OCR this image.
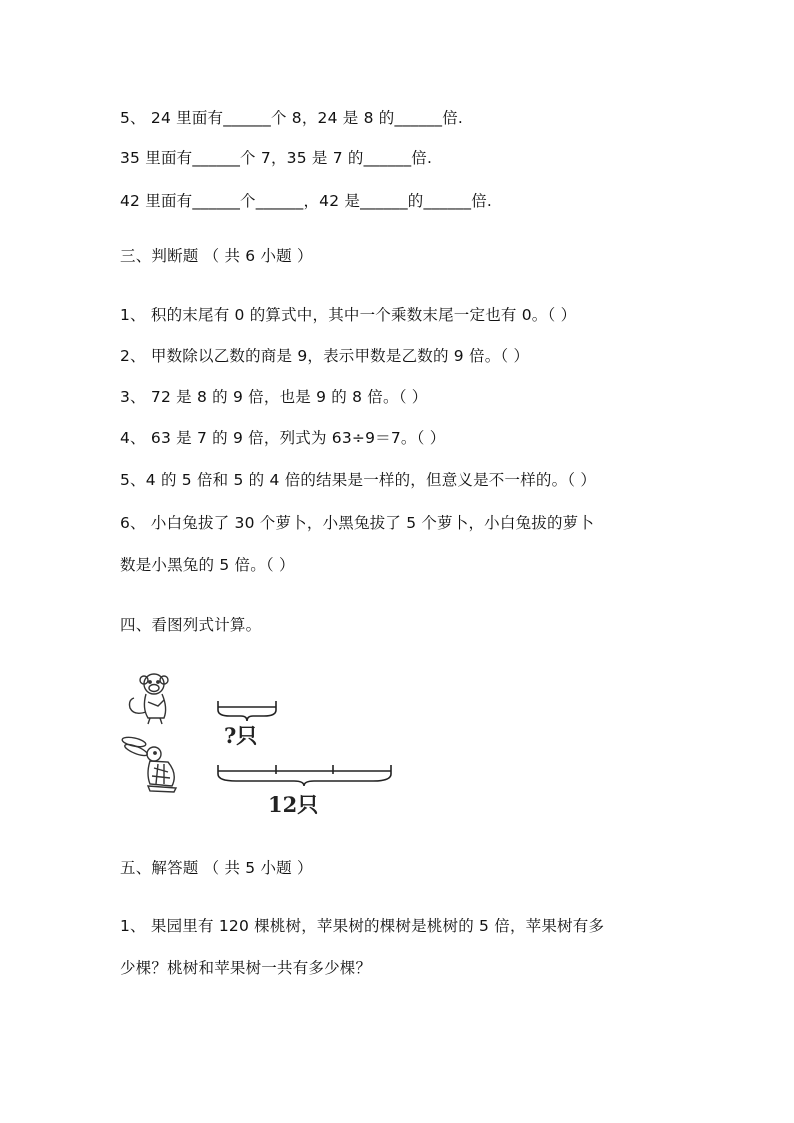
5、 24 里面有______个 8，24 是 8 的______倍.
35 里面有______个 7，35 是 7 的______倍.
42 里面有______个______，42 是______的______倍.
三、判断题 （ 共 6 小题 ）
1、 积的末尾有 0 的算式中，其中一个乘数末尾一定也有 0。（ ）
2、 甲数除以乙数的商是 9，表示甲数是乙数的 9 倍。（ ）
3、 72 是 8 的 9 倍，也是 9 的 8 倍。（ ）
4、 63 是 7 的 9 倍，列式为 63÷9＝7。（ ）
5、4 的 5 倍和 5 的 4 倍的结果是一样的，但意义是不一样的。（ ）
6、 小白兔拔了 30 个萝卜，小黑兔拔了 5 个萝卜，小白兔拔的萝卜
数是小黑兔的 5 倍。（ ）
四、看图列式计算。
?只
12只
五、解答题 （ 共 5 小题 ）
1、 果园里有 120 棵桃树，苹果树的棵树是桃树的 5 倍，苹果树有多
少棵？桃树和苹果树一共有多少棵？
